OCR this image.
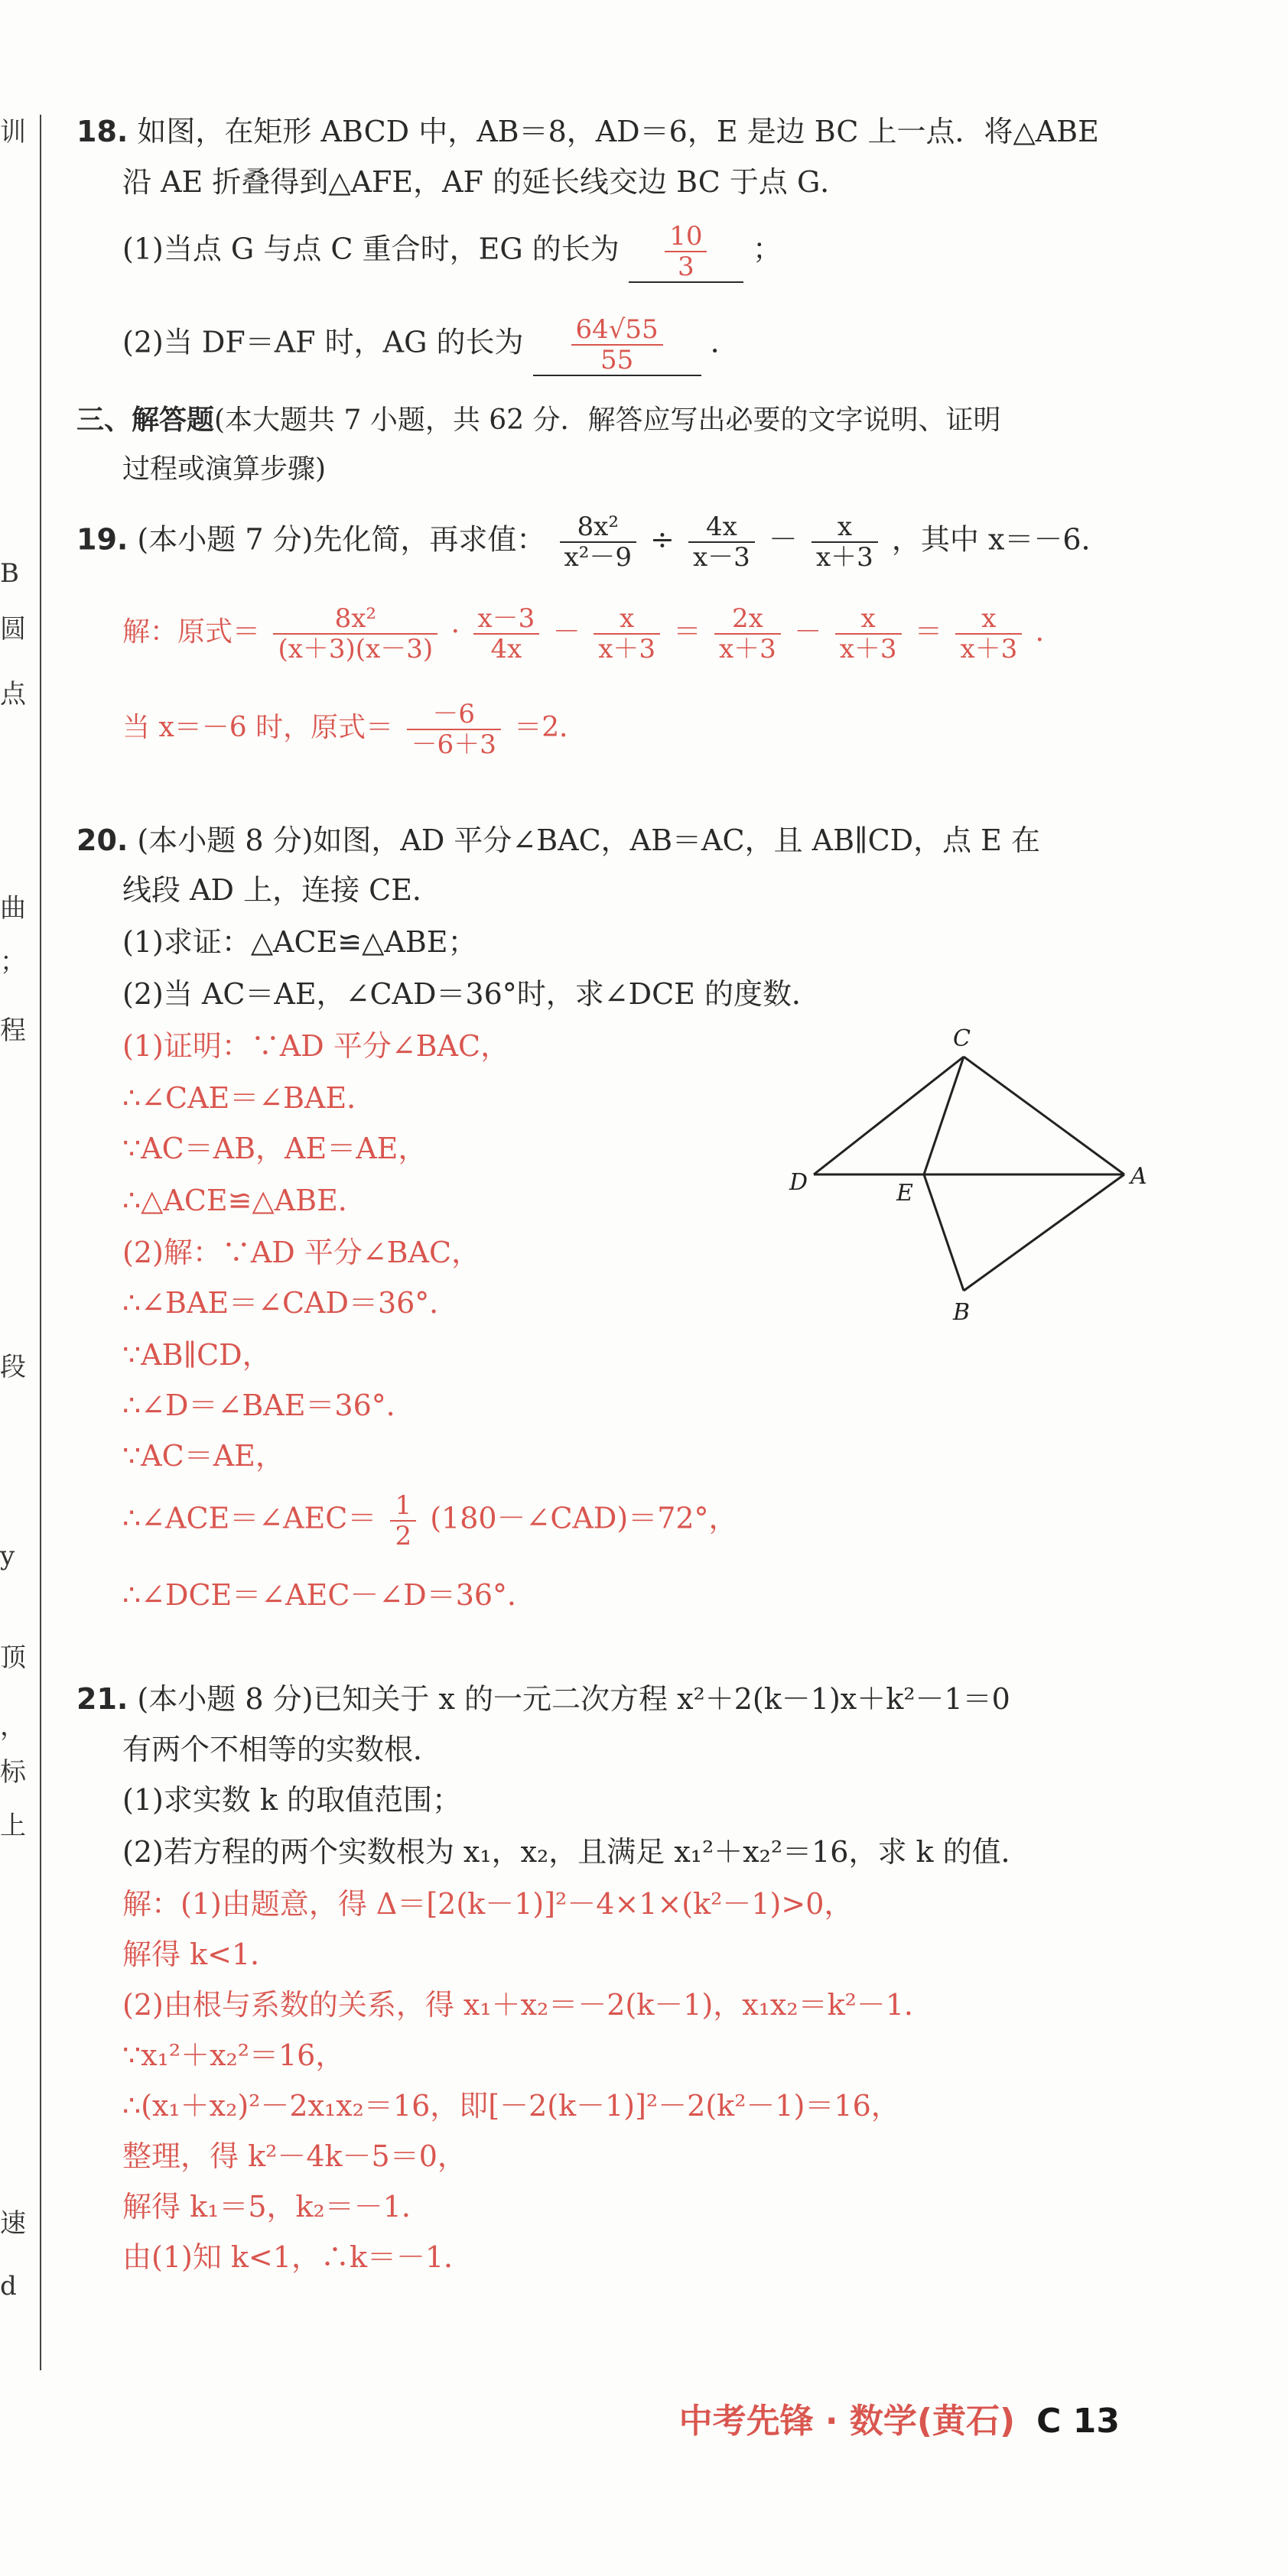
训
B
圆
点
曲
；
程
段
y
顶
，
标
上
速
d
18. 如图，在矩形 ABCD 中，AB＝8，AD＝6，E 是边 BC 上一点．将△ABE
沿 AE 折叠得到△AFE，AF 的延长线交边 BC 于点 G．
(1)当点 G 与点 C 重合时，EG 的长为 $\frac{10}{3}$ ；
(2)当 DF＝AF 时，AG 的长为 $\frac{64√55}{55}$ ．
三、解答题(本大题共 7 小题，共 62 分．解答应写出必要的文字说明、证明
过程或演算步骤)
19. (本小题 7 分)先化简，再求值： $\frac{\text{8x²}}{\text{x²－9}} \div \frac{4x}{x-3} - \frac{x}{x+3}$ ，其中 x＝－6．
解：原式＝ $\frac{\text{8x²}}{(x+3)(x-3)} \cdot \frac{x-3}{4x} - \frac{x}{x+3} = \frac{2x}{x+3} - \frac{x}{x+3} = \frac{x}{x+3}$ ．
当 x＝－6 时，原式＝ $\frac{-6}{-6+3} =2$．
20. (本小题 8 分)如图，AD 平分∠BAC，AB＝AC，且 AB∥CD，点 E 在
线段 AD 上，连接 CE．
(1)求证：△ACE≌△ABE；
(2)当 AC＝AE，∠CAD＝36°时，求∠DCE 的度数．
(1)证明：∵AD 平分∠BAC，
∴∠CAE＝∠BAE．
∵AC＝AB，AE＝AE，
∴△ACE≌△ABE．
(2)解：∵AD 平分∠BAC，
∴∠BAE＝∠CAD＝36°．
∵AB∥CD，
∴∠D＝∠BAE＝36°．
∵AC＝AE，
∴∠ACE＝∠AEC＝ $\frac{1}{2}$ (180－∠CAD)＝72°，
∴∠DCE＝∠AEC－∠D＝36°．
C
D	E
A
B
21. (本小题 8 分)已知关于 x 的一元二次方程 x²＋2(k－1)x＋k²－1＝0
有两个不相等的实数根．
(1)求实数 k 的取值范围；
(2)若方程的两个实数根为 x₁，x₂，且满足 x₁²＋x₂²＝16，求 k 的值．
解：(1)由题意，得 Δ＝[2(k－1)]²－4×1×(k²－1)>0，
解得 k<1．
(2)由根与系数的关系，得 x₁＋x₂＝－2(k－1)，x₁x₂＝k²－1．
∵x₁²＋x₂²＝16，
∴(x₁＋x₂)²－2x₁x₂＝16，即[－2(k－1)]²－2(k²－1)＝16，
整理，得 k²－4k－5＝0，
解得 k₁＝5，k₂＝－1．
由(1)知 k<1，∴k＝－1．
中考先锋 · 数学(黄石) C 13
